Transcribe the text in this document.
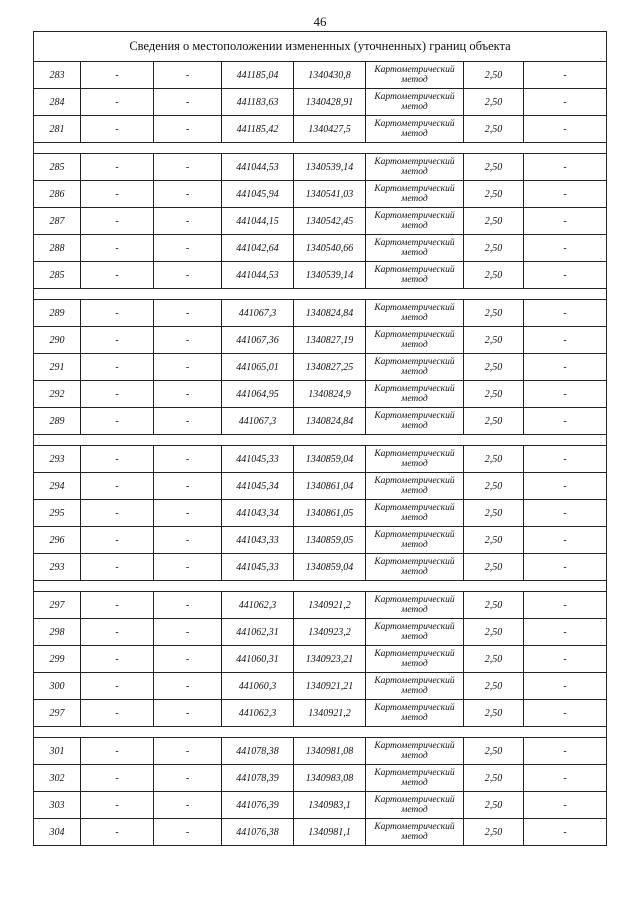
46
Сведения о местоположении измененных (уточненных) границ объекта							
283	-	-	441185,04	1340430,8	Картометрический метод	2,50	-
284	-	-	441183,63	1340428,91	Картометрический метод	2,50	-
281	-	-	441185,42	1340427,5	Картометрический метод	2,50	-

285	-	-	441044,53	1340539,14	Картометрический метод	2,50	-
286	-	-	441045,94	1340541,03	Картометрический метод	2,50	-
287	-	-	441044,15	1340542,45	Картометрический метод	2,50	-
288	-	-	441042,64	1340540,66	Картометрический метод	2,50	-
285	-	-	441044,53	1340539,14	Картометрический метод	2,50	-

289	-	-	441067,3	1340824,84	Картометрический метод	2,50	-
290	-	-	441067,36	1340827,19	Картометрический метод	2,50	-
291	-	-	441065,01	1340827,25	Картометрический метод	2,50	-
292	-	-	441064,95	1340824,9	Картометрический метод	2,50	-
289	-	-	441067,3	1340824,84	Картометрический метод	2,50	-

293	-	-	441045,33	1340859,04	Картометрический метод	2,50	-
294	-	-	441045,34	1340861,04	Картометрический метод	2,50	-
295	-	-	441043,34	1340861,05	Картометрический метод	2,50	-
296	-	-	441043,33	1340859,05	Картометрический метод	2,50	-
293	-	-	441045,33	1340859,04	Картометрический метод	2,50	-

297	-	-	441062,3	1340921,2	Картометрический метод	2,50	-
298	-	-	441062,31	1340923,2	Картометрический метод	2,50	-
299	-	-	441060,31	1340923,21	Картометрический метод	2,50	-
300	-	-	441060,3	1340921,21	Картометрический метод	2,50	-
297	-	-	441062,3	1340921,2	Картометрический метод	2,50	-

301	-	-	441078,38	1340981,08	Картометрический метод	2,50	-
302	-	-	441078,39	1340983,08	Картометрический метод	2,50	-
303	-	-	441076,39	1340983,1	Картометрический метод	2,50	-
304	-	-	441076,38	1340981,1	Картометрический метод	2,50	-
